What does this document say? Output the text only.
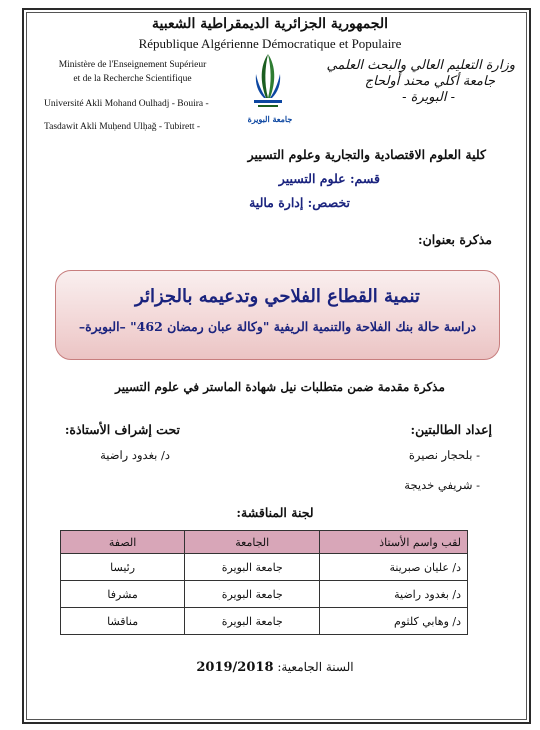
الجمهورية الجزائرية الديمقراطية الشعبية
République Algérienne Démocratique et Populaire
Ministère de l'Enseignement Supérieur
et de la Recherche Scientifique
Université Akli Mohand Oulhadj - Bouira -
Tasdawit Akli Muḥend Ulḥağ - Tubirett -
جامعة البويرة
وزارة التعليم العالي والبحث العلمي
جامعة أكلي محند أولحاج
- البويرة -
كلية العلوم الاقتصادية والتجارية وعلوم التسيير
قسم: علوم التسيير
تخصص: إدارة مالية
مذكرة بعنوان:
تنمية القطاع الفلاحي وتدعيمه بالجزائر
دراسة حالة بنك الفلاحة والتنمية الريفية "وكالة عبان رمضان 462" –البويرة–
مذكرة مقدمة ضمن متطلبات نيل شهادة الماستر في علوم التسيير
إعداد الطالبتين:
- بلحجار نصيرة
- شريفي خديجة
تحت إشراف الأستاذة:
د/ بغدود راضية
لجنة المناقشة:
لقب واسم الأستاذ	الجامعة	الصفة
د/ عليان صبرينة	جامعة البويرة	رئيسا
د/ بغدود راضية	جامعة البويرة	مشرفا
د/ وهابي كلثوم	جامعة البويرة	مناقشا
السنة الجامعية: 2019/2018
